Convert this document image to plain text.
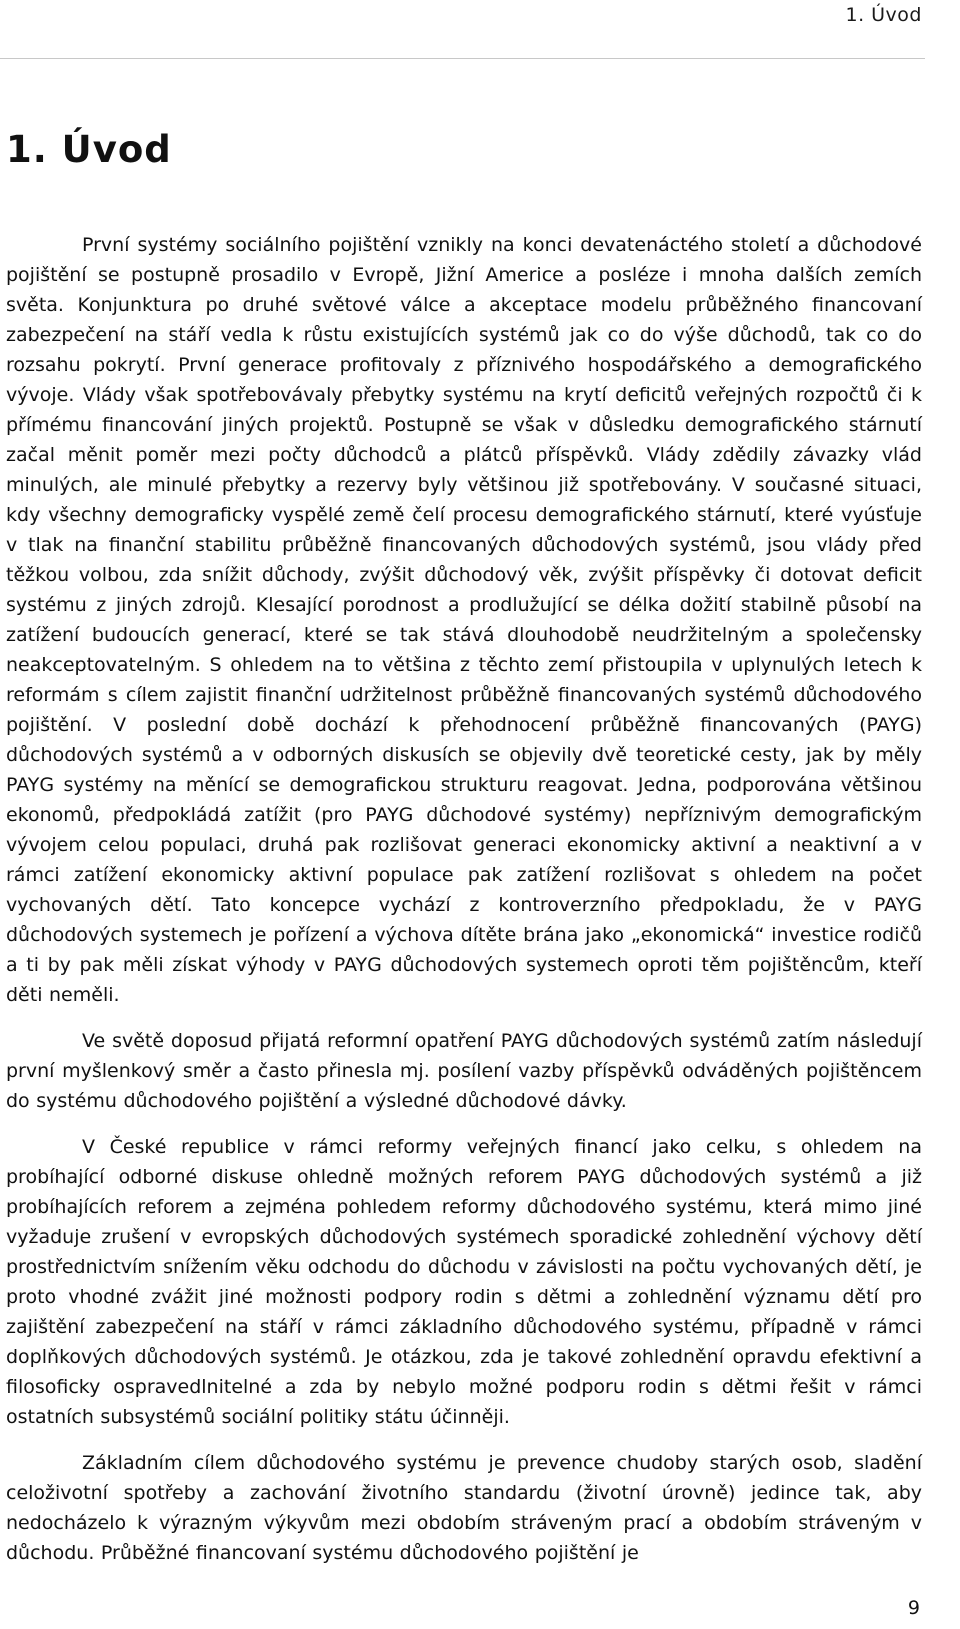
1. Úvod
1. Úvod

První systémy sociálního pojištění vznikly na konci devatenáctého století a důchodové pojištění se postupně prosadilo v Evropě, Jižní Americe a posléze i mnoha dalších zemích světa. Konjunktura po druhé světové válce a akceptace modelu průběžného financovaní zabezpečení na stáří vedla k růstu existujících systémů jak co do výše důchodů, tak co do rozsahu pokrytí. První generace profitovaly z příznivého hospodářského a demografického vývoje. Vlády však spotřebovávaly přebytky systému na krytí deficitů veřejných rozpočtů či k přímému financování jiných projektů. Postupně se však v důsledku demografického stárnutí začal měnit poměr mezi počty důchodců a plátců příspěvků. Vlády zdědily závazky vlád minulých, ale minulé přebytky a rezervy byly většinou již spotřebovány. V současné situaci, kdy všechny demograficky vyspělé země čelí procesu demografického stárnutí, které vyúsťuje v tlak na finanční stabilitu průběžně financovaných důchodových systémů, jsou vlády před těžkou volbou, zda snížit důchody, zvýšit důchodový věk, zvýšit příspěvky či dotovat deficit systému z jiných zdrojů. Klesající porodnost a prodlužující se délka dožití stabilně působí na zatížení budoucích generací, které se tak stává dlouhodobě neudržitelným a společensky neakceptovatelným. S ohledem na to většina z těchto zemí přistoupila v uplynulých letech k reformám s cílem zajistit finanční udržitelnost průběžně financovaných systémů důchodového pojištění. V poslední době dochází k přehodnocení průběžně financovaných (PAYG) důchodových systémů a v odborných diskusích se objevily dvě teoretické cesty, jak by měly PAYG systémy na měnící se demografickou strukturu reagovat. Jedna, podporována většinou ekonomů, předpokládá zatížit (pro PAYG důchodové systémy) nepříznivým demografickým vývojem celou populaci, druhá pak rozlišovat generaci ekonomicky aktivní a neaktivní a v rámci zatížení ekonomicky aktivní populace pak zatížení rozlišovat s ohledem na počet vychovaných dětí. Tato koncepce vychází z kontroverzního předpokladu, že v PAYG důchodových systemech je pořízení a výchova dítěte brána jako „ekonomická“ investice rodičů a ti by pak měli získat výhody v PAYG důchodových systemech oproti těm pojištěncům, kteří děti neměli.

Ve světě doposud přijatá reformní opatření PAYG důchodových systémů zatím následují první myšlenkový směr a často přinesla mj. posílení vazby příspěvků odváděných pojištěncem do systému důchodového pojištění a výsledné důchodové dávky.

V České republice v rámci reformy veřejných financí jako celku, s ohledem na probíhající odborné diskuse ohledně možných reforem PAYG důchodových systémů a již probíhajících reforem a zejména pohledem reformy důchodového systému, která mimo jiné vyžaduje zrušení v evropských důchodových systémech sporadické zohlednění výchovy dětí prostřednictvím snížením věku odchodu do důchodu v závislosti na počtu vychovaných dětí, je proto vhodné zvážit jiné možnosti podpory rodin s dětmi a zohlednění významu dětí pro zajištění zabezpečení na stáří v rámci základního důchodového systému, případně v rámci doplňkových důchodových systémů. Je otázkou, zda je takové zohlednění opravdu efektivní a filosoficky ospravedlnitelné a zda by nebylo možné podporu rodin s dětmi řešit v rámci ostatních subsystémů sociální politiky státu účinněji.

Základním cílem důchodového systému je prevence chudoby starých osob, sladění celoživotní spotřeby a zachování životního standardu (životní úrovně) jedince tak, aby nedocházelo k výrazným výkyvům mezi obdobím stráveným prací a obdobím stráveným v důchodu. Průběžné financovaní systému důchodového pojištění je

9
